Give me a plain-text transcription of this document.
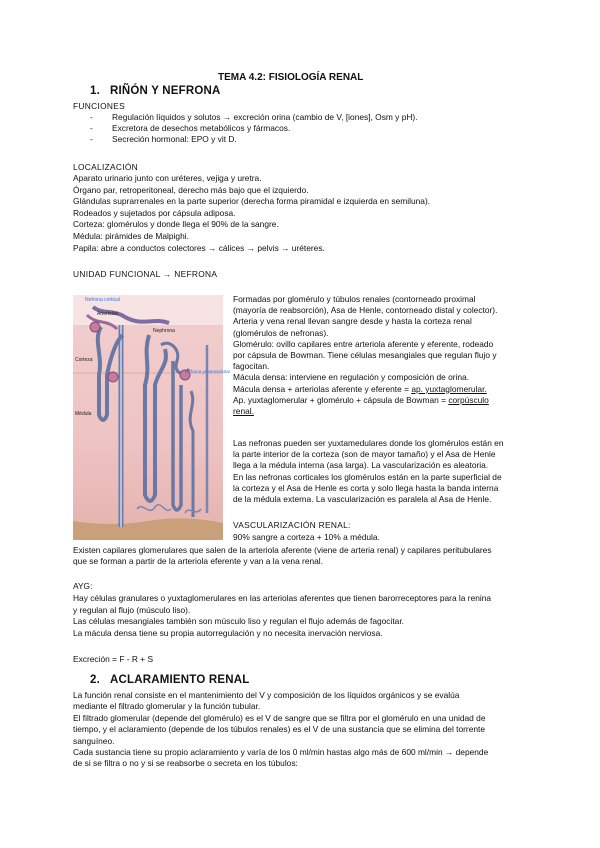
TEMA 4.2: FISIOLOGÍA RENAL
1. RIÑÓN Y NEFRONA
FUNCIONES
-	Regulación líquidos y solutos → excreción orina (cambio de V, [iones], Osm y pH).
-	Excretora de desechos metabólicos y fármacos.
-	Secreción hormonal: EPO y vit D.
LOCALIZACIÓN
Aparato urinario junto con uréteres, vejiga y uretra.
Órgano par, retroperitoneal, derecho más bajo que el izquierdo.
Glándulas suprarrenales en la parte superior (derecha forma piramidal e izquierda en semiluna).
Rodeados y sujetados por cápsula adiposa.
Corteza: glomérulos y donde llega el 90% de la sangre.
Médula: pirámides de Malpighi.
Papila: abre a conductos colectores → cálices → pelvis → uréteres.
UNIDAD FUNCIONAL → NEFRONA
Nefrona cortical
Arteriolas
Nephrona
Corteza
Nefrona yuxtamedular
Médula
Formadas por glomérulo y túbulos renales (contorneado proximal
(mayoría de reabsorción), Asa de Henle, contorneado distal y colector).
Arteria y vena renal llevan sangre desde y hasta la corteza renal
(glomérulos de nefronas).
Glomérulo: ovillo capilares entre arteriola aferente y eferente, rodeado
por cápsula de Bowman. Tiene células mesangiales que regulan flujo y
fagocitan.
Mácula densa: interviene en regulación y composición de orina.
Mácula densa + arteriolas aferente y eferente = ap. yuxtaglomerular.
Ap. yuxtaglomerular + glomérulo + cápsula de Bowman = corpúsculo
renal.
Las nefronas pueden ser yuxtamedulares donde los glomérulos están en
la parte interior de la corteza (son de mayor tamaño) y el Asa de Henle
llega a la médula interna (asa larga). La vascularización es aleatoria.
En las nefronas corticales los glomérulos están en la parte superficial de
la corteza y el Asa de Henle es corta y solo llega hasta la banda interna
de la médula externa. La vascularización es paralela al Asa de Henle.
VASCULARIZACIÓN RENAL:
90% sangre a corteza + 10% a médula.
Existen capilares glomerulares que salen de la arteriola aferente (viene de arteria renal) y capilares peritubulares
que se forman a partir de la arteriola eferente y van a la vena renal.
AYG:
Hay células granulares o yuxtaglomerulares en las arteriolas aferentes que tienen barorreceptores para la renina
y regulan al flujo (músculo liso).
Las células mesangiales también son músculo liso y regulan el flujo además de fagocitar.
La mácula densa tiene su propia autorregulación y no necesita inervación nerviosa.
Excreción = F - R + S
2. ACLARAMIENTO RENAL
La función renal consiste en el mantenimiento del V y composición de los líquidos orgánicos y se evalúa
mediante el filtrado glomerular y la función tubular.
El filtrado glomerular (depende del glomérulo) es el V de sangre que se filtra por el glomérulo en una unidad de
tiempo, y el aclaramiento (depende de los túbulos renales) es el V de una sustancia que se elimina del torrente
sanguíneo.
Cada sustancia tiene su propio aclaramiento y varía de los 0 ml/min hastas algo más de 600 ml/min → depende
de si se filtra o no y si se reabsorbe o secreta en los túbulos:
